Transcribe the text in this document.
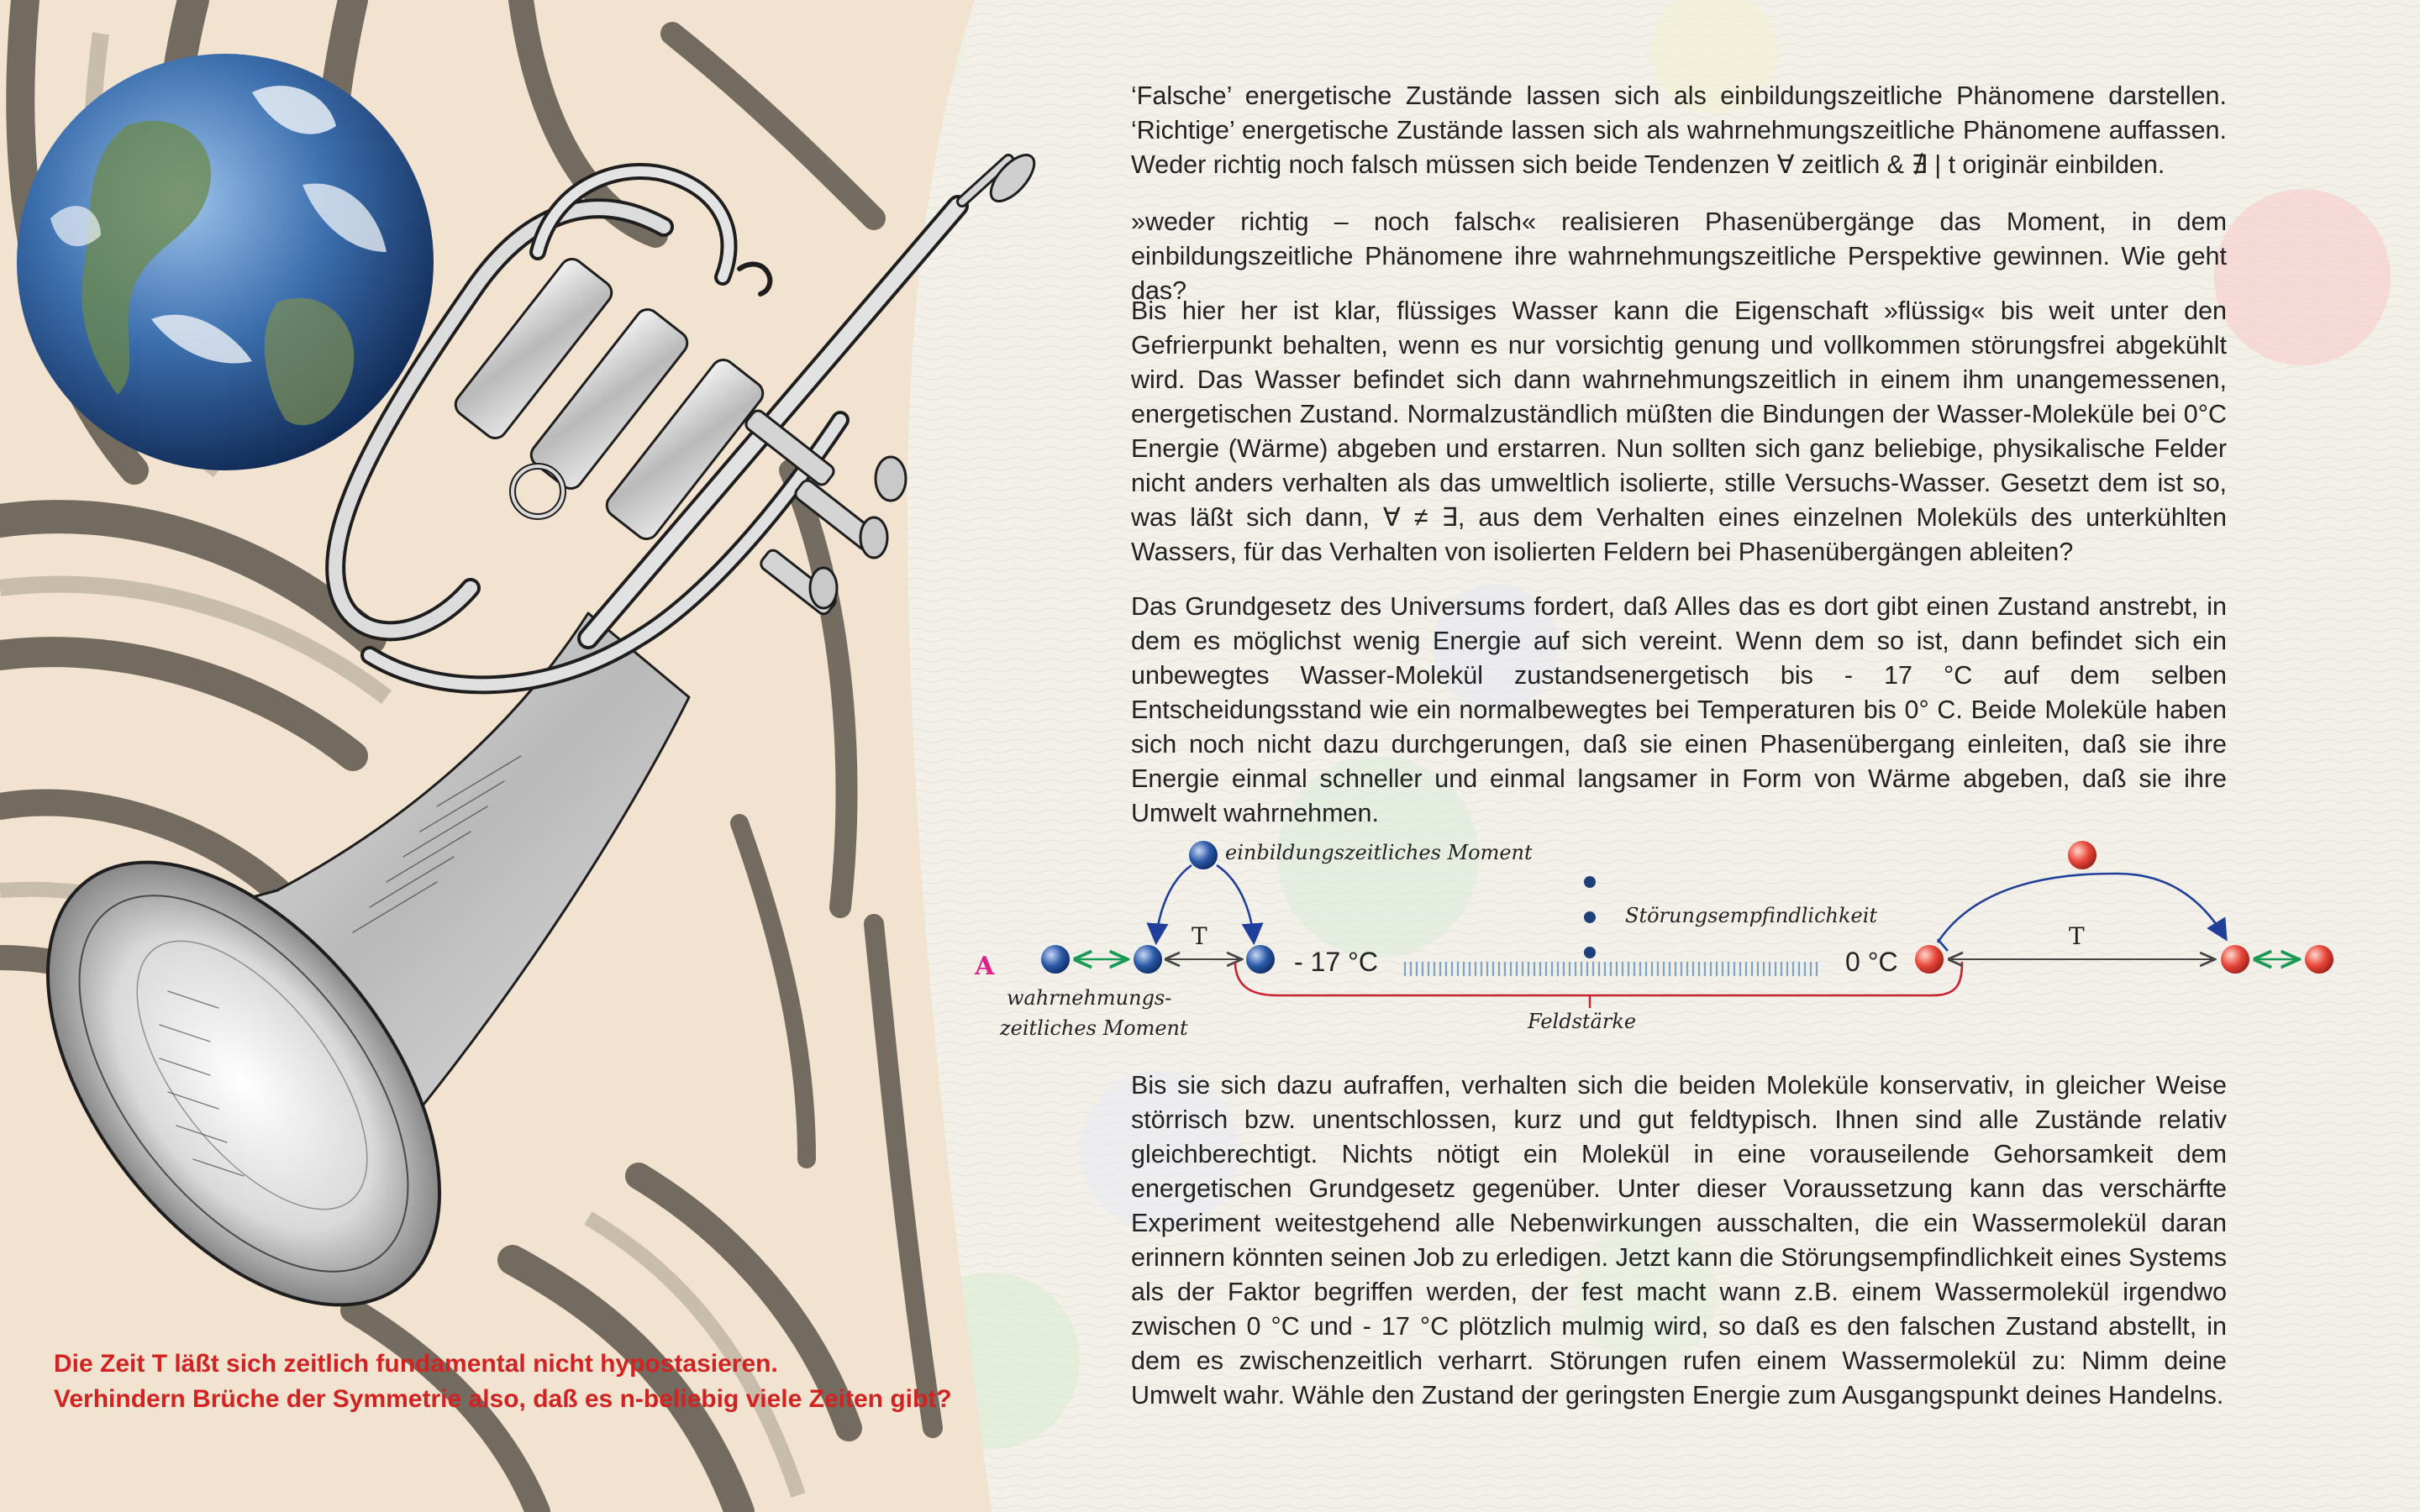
‘Falsche’ energetische Zustände lassen sich als einbildungszeitliche Phänomene darstellen. ‘Richtige’ energetische Zustände lassen sich als wahrnehmungszeitliche Phänomene auffassen. Weder richtig noch falsch müssen sich beide Tendenzen ∀ zeitlich & ∄ | t originär einbilden.
»weder richtig – noch falsch« realisieren Phasenübergänge das Moment, in dem einbildungszeitliche Phänomene ihre wahrnehmungszeitliche Perspektive gewinnen. Wie geht das?
Bis hier her ist klar, flüssiges Wasser kann die Eigenschaft »flüssig« bis weit unter den Gefrierpunkt behalten, wenn es nur vorsichtig genung und vollkommen störungsfrei abgekühlt wird. Das Wasser befindet sich dann wahrnehmungszeitlich in einem ihm unangemessenen, energetischen Zustand. Normalzuständlich müßten die Bindungen der Wasser-Moleküle bei 0°C Energie (Wärme) abgeben und erstarren. Nun sollten sich ganz beliebige, physikalische Felder nicht anders verhalten als das umweltlich isolierte, stille Versuchs-Wasser. Gesetzt dem ist so, was läßt sich dann, ∀ ≠ ∃, aus dem Verhalten eines einzelnen Moleküls des unterkühlten Wassers, für das Verhalten von isolierten Feldern bei Phasenübergängen ableiten?
Das Grundgesetz des Universums fordert, daß Alles das es dort gibt einen Zustand anstrebt, in dem es möglichst wenig Energie auf sich vereint. Wenn dem so ist, dann befindet sich ein unbewegtes Wasser-Molekül zustandsenergetisch bis - 17 °C auf dem selben Entscheidungsstand wie ein normalbewegtes bei Temperaturen bis 0° C. Beide Moleküle haben sich noch nicht dazu durchgerungen, daß sie einen Phasenübergang einleiten, daß sie ihre Energie einmal schneller und einmal langsamer in Form von Wärme abgeben, daß sie ihre Umwelt wahrnehmen.
Bis sie sich dazu aufraffen, verhalten sich die beiden Moleküle konservativ, in gleicher Weise störrisch bzw. unentschlossen, kurz und gut feldtypisch. Ihnen sind alle Zustände relativ gleichberechtigt. Nichts nötigt ein Molekül in eine vorauseilende Gehorsamkeit dem energetischen Grundgesetz gegenüber. Unter dieser Voraussetzung kann das verschärfte Experiment weitestgehend alle Nebenwirkungen ausschalten, die ein Wassermolekül daran erinnern könnten seinen Job zu erledigen. Jetzt kann die Störungsempfindlichkeit eines Systems als der Faktor begriffen werden, der fest macht wann z.B. einem Wassermolekül irgendwo zwischen 0 °C und - 17 °C plötzlich mulmig wird, so daß es den falschen Zustand abstellt, in dem es zwischenzeitlich verharrt. Störungen rufen einem Wassermolekül zu: Nimm deine Umwelt wahr. Wähle den Zustand der geringsten Energie zum Ausgangspunkt deines Handelns.
einbildungszeitliches Moment
Störungsempfindlichkeit
wahrnehmungs-
zeitliches Moment	Feldstärke
A
T	T
- 17 °C	0 °C
Die Zeit T läßt sich zeitlich fundamental nicht hypostasieren.
Verhindern Brüche der Symmetrie also, daß es n-beliebig viele Zeiten gibt?
